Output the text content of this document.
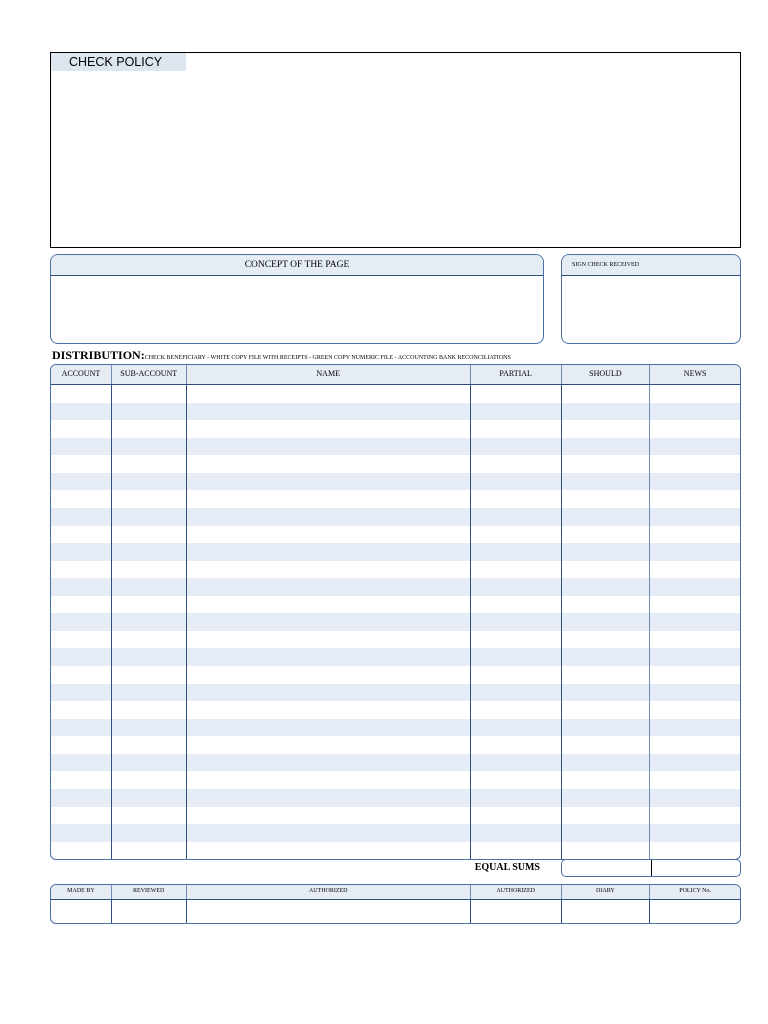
CHECK POLICY
CONCEPT OF THE PAGE	SIGN CHECK RECEIVED
DISTRIBUTION:CHECK BENEFICIARY - WHITE COPY FILE WITH RECEIPTS - GREEN COPY NUMERIC FILE - ACCOUNTING BANK RECONCILIATIONS
ACCOUNT	SUB-ACCOUNT	NAME	PARTIAL	SHOULD	NEWS
EQUAL SUMS
MADE BY	REVIEWED	AUTHORIZED	AUTHORIZED	DIARY	POLICY No.
